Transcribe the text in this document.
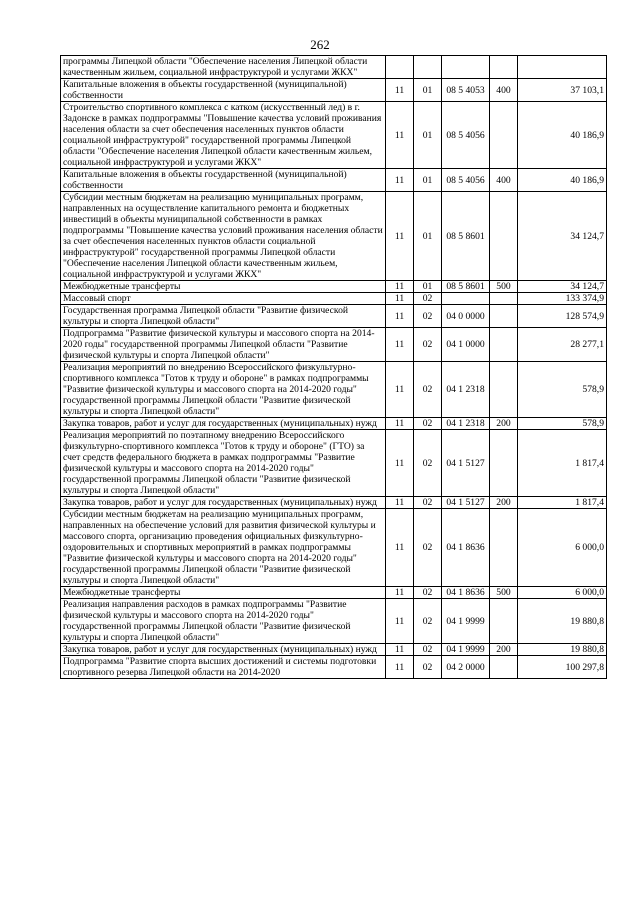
262
программы Липецкой области "Обеспечение населения Липецкой области качественным жильем, социальной инфраструктурой и услугами ЖКХ"					
Капитальные вложения в объекты государственной (муниципальной) собственности	11	01	08 5 4053	400	37 103,1
Строительство спортивного комплекса с катком (искусственный лед) в г. Задонске в рамках подпрограммы "Повышение качества условий проживания населения области за счет обеспечения населенных пунктов области социальной инфраструктурой" государственной программы Липецкой области "Обеспечение населения Липецкой области качественным жильем, социальной инфраструктурой и услугами ЖКХ"	11	01	08 5 4056		40 186,9
Капитальные вложения в объекты государственной (муниципальной) собственности	11	01	08 5 4056	400	40 186,9
Субсидии местным бюджетам на реализацию муниципальных программ, направленных на осуществление капитального ремонта и бюджетных инвестиций в объекты муниципальной собственности в рамках подпрограммы "Повышение качества условий проживания населения области за счет обеспечения населенных пунктов области социальной инфраструктурой" государственной программы Липецкой области "Обеспечение населения Липецкой области качественным жильем, социальной инфраструктурой и услугами ЖКХ"	11	01	08 5 8601		34 124,7
Межбюджетные трансферты	11	01	08 5 8601	500	34 124,7
Массовый спорт	11	02			133 374,9
Государственная программа Липецкой области "Развитие физической культуры и спорта Липецкой области"	11	02	04 0 0000		128 574,9
Подпрограмма "Развитие физической культуры и массового спорта на 2014-2020 годы" государственной программы Липецкой области "Развитие физической культуры и спорта Липецкой области"	11	02	04 1 0000		28 277,1
Реализация мероприятий по внедрению Всероссийского физкультурно-спортивного комплекса "Готов к труду и обороне" в рамках подпрограммы "Развитие физической культуры и массового спорта на 2014-2020 годы" государственной программы Липецкой области "Развитие физической культуры и спорта Липецкой области"	11	02	04 1 2318		578,9
Закупка товаров, работ и услуг для государственных (муниципальных) нужд	11	02	04 1 2318	200	578,9
Реализация мероприятий по поэтапному внедрению Всероссийского физкультурно-спортивного комплекса "Готов к труду и обороне" (ГТО) за счет средств федерального бюджета в рамках подпрограммы "Развитие физической культуры и массового спорта на 2014-2020 годы" государственной программы Липецкой области "Развитие физической культуры и спорта Липецкой области"	11	02	04 1 5127		1 817,4
Закупка товаров, работ и услуг для государственных (муниципальных) нужд	11	02	04 1 5127	200	1 817,4
Субсидии местным бюджетам на реализацию муниципальных программ, направленных на обеспечение условий для развития физической культуры и массового спорта, организацию проведения официальных физкультурно-оздоровительных и спортивных мероприятий в рамках подпрограммы "Развитие физической культуры и массового спорта на 2014-2020 годы" государственной программы Липецкой области "Развитие физической культуры и спорта Липецкой области"	11	02	04 1 8636		6 000,0
Межбюджетные трансферты	11	02	04 1 8636	500	6 000,0
Реализация направления расходов в рамках подпрограммы "Развитие физической культуры и массового спорта на 2014-2020 годы" государственной программы Липецкой области "Развитие физической культуры и спорта Липецкой области"	11	02	04 1 9999		19 880,8
Закупка товаров, работ и услуг для государственных (муниципальных) нужд	11	02	04 1 9999	200	19 880,8
Подпрограмма "Развитие спорта высших достижений и системы подготовки спортивного резерва Липецкой области на 2014-2020	11	02	04 2 0000		100 297,8
